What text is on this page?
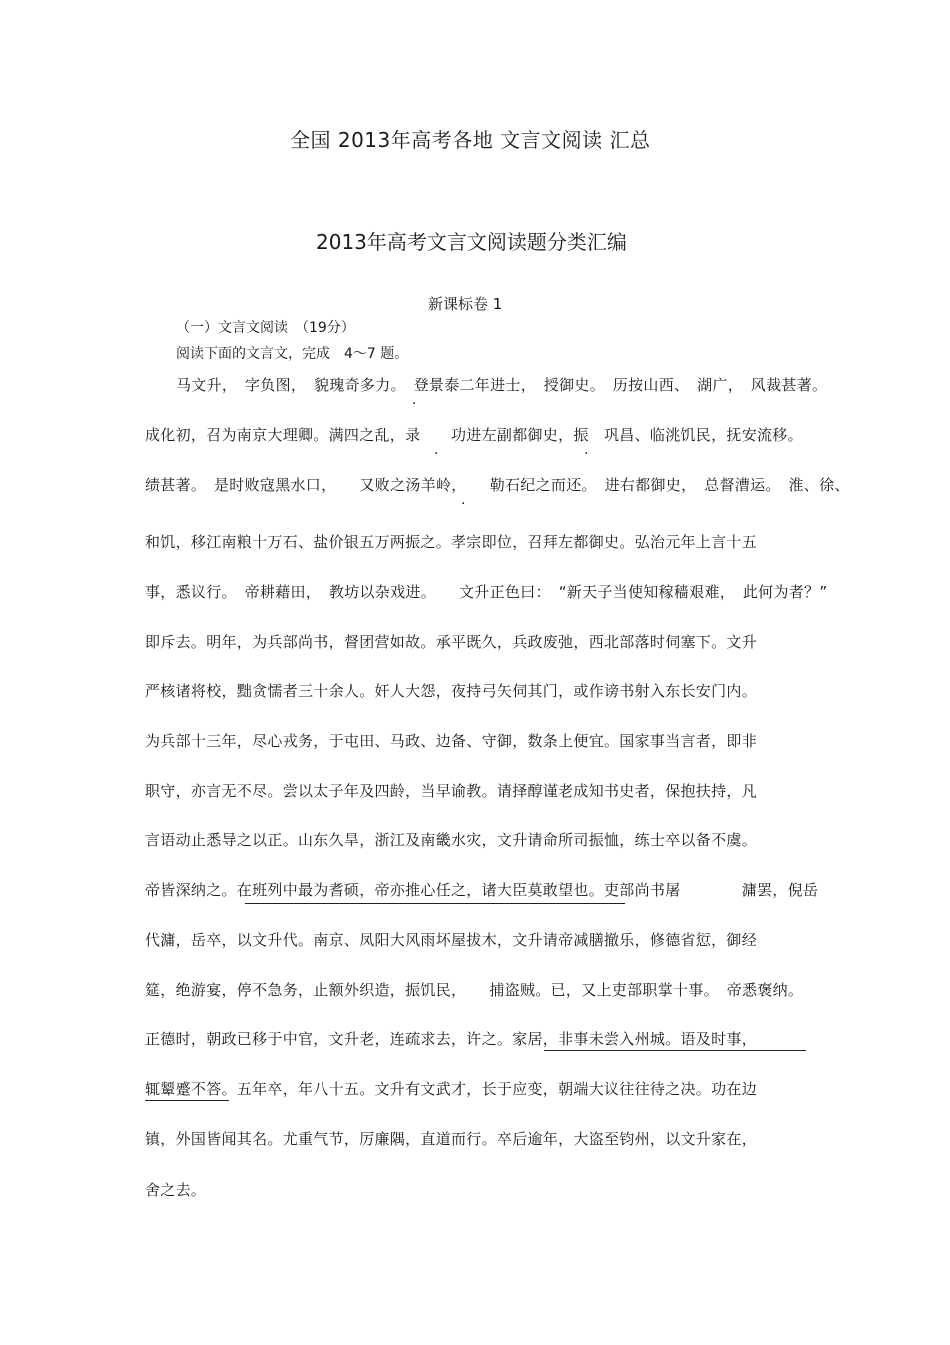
全国 2013年高考各地 文言文阅读 汇总
2013年高考文言文阅读题分类汇编
新课标卷 1
（一）文言文阅读　（19分）
阅读下面的文言文，完成　4～7 题。
马文升，　字负图，　貌瑰奇多力。　登景泰二年进士，　授御史。　历按山西、　湖广，　风裁甚著。
成化初，召为南京大理卿。满四之乱，录　　功进左副都御史，振　巩昌、临洮饥民，抚安流移。
绩甚著。　是时败寇黑水口，　　又败之汤羊岭，　　勒石纪之而还。　进右都御史，　总督漕运。　淮、徐、
和饥，移江南粮十万石、盐价银五万两振之。孝宗即位，召拜左都御史。弘治元年上言十五
事，悉议行。　帝耕藉田，　教坊以杂戏进。　　文升正色曰：　“新天子当使知稼穑艰难，　此何为者？”
即斥去。明年，为兵部尚书，督团营如故。承平既久，兵政废弛，西北部落时伺塞下。文升
严核诸将校，黜贪懦者三十余人。奸人大怨，夜持弓矢伺其门，或作谤书射入东长安门内。
为兵部十三年，尽心戎务，于屯田、马政、边备、守御，数条上便宜。国家事当言者，即非
职守，亦言无不尽。尝以太子年及四龄，当早谕教。请择醇谨老成知书史者，保抱扶持，凡
言语动止悉导之以正。山东久旱，浙江及南畿水灾，文升请命所司振恤，练士卒以备不虞。
帝皆深纳之。在班列中最为耆硕，帝亦推心任之，诸大臣莫敢望也。吏部尚书屠　　　　滽罢，倪岳
代滽，岳卒，以文升代。南京、凤阳大风雨坏屋拔木，文升请帝减膳撤乐，修德省愆，御经
筵，绝游宴，停不急务，止额外织造，振饥民，　　捕盗贼。已，又上吏部职掌十事。　帝悉褒纳。
正德时，朝政已移于中官，文升老，连疏求去，许之。家居，非事未尝入州城。语及时事，
辄颦蹙不答。五年卒，年八十五。文升有文武才，长于应变，朝端大议往往待之决。功在边
镇，外国皆闻其名。尤重气节，厉廉隅，直道而行。卒后逾年，大盗至钧州，以文升家在，
舍之去。
.
.	.
.
